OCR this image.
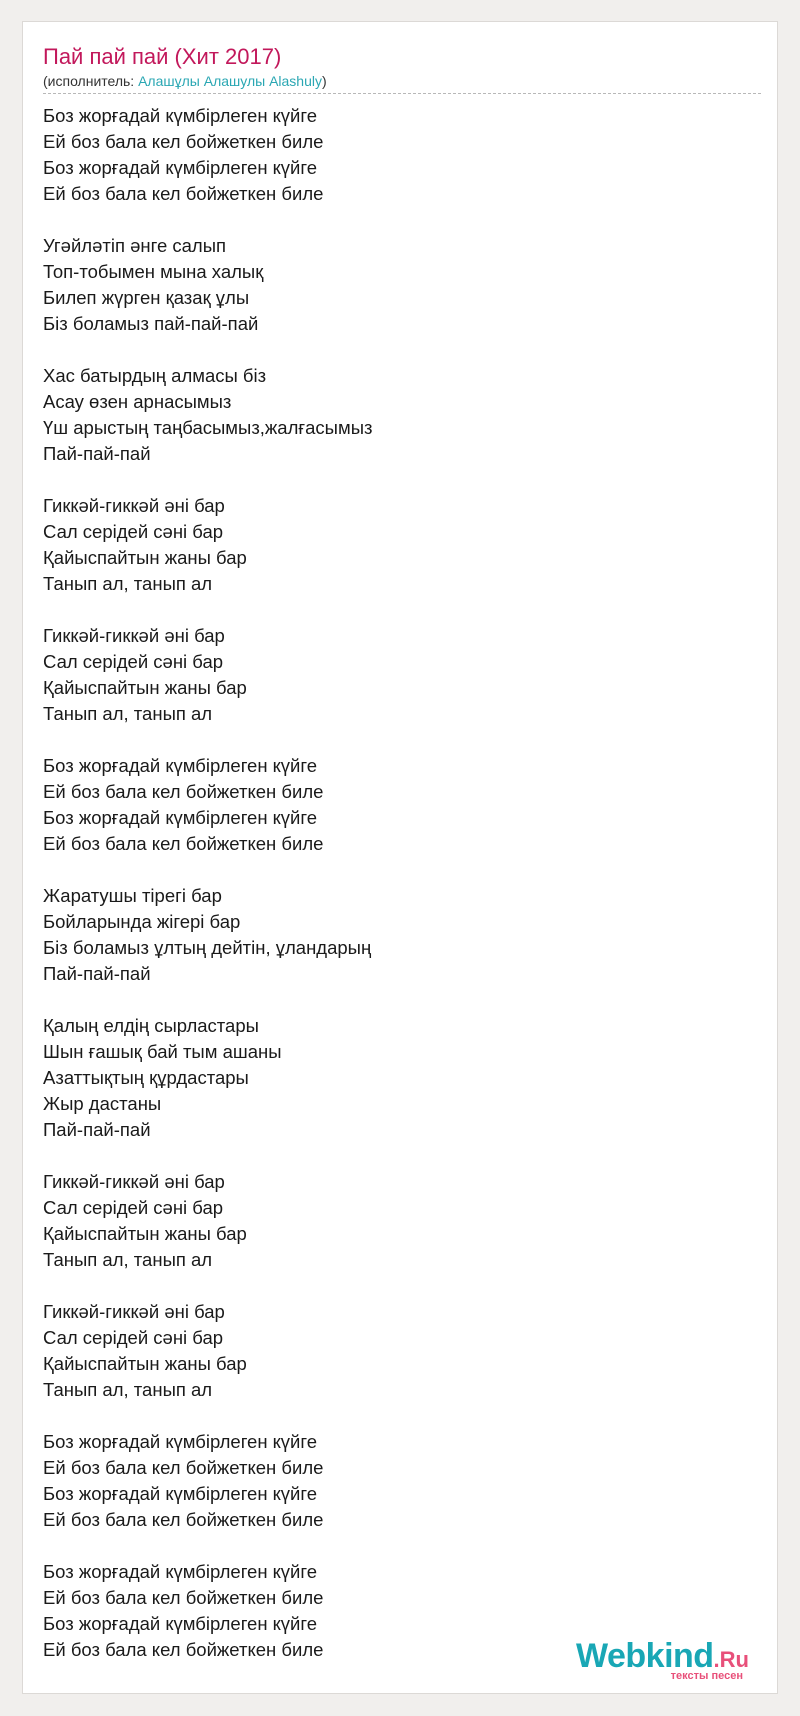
Пай пай пай (Хит 2017)
(исполнитель: Алашұлы Алашулы Alashuly)
Боз жорғадай күмбірлеген күйге
Ей боз бала кел бойжеткен биле
Боз жорғадай күмбірлеген күйге
Ей боз бала кел бойжеткен биле
Угәйләтіп әнге салып
Топ-тобымен мына халық
Билеп жүрген қазақ ұлы
Біз боламыз пай-пай-пай
Хас батырдың алмасы біз
Асау өзен арнасымыз
Үш арыстың таңбасымыз,жалғасымыз
Пай-пай-пай
Гиккәй-гиккәй әні бар
Сал серідей сәні бар
Қайыспайтын жаны бар
Танып ал, танып ал
Гиккәй-гиккәй әні бар
Сал серідей сәні бар
Қайыспайтын жаны бар
Танып ал, танып ал
Боз жорғадай күмбірлеген күйге
Ей боз бала кел бойжеткен биле
Боз жорғадай күмбірлеген күйге
Ей боз бала кел бойжеткен биле
Жаратушы тірегі бар
Бойларында жігері бар
Біз боламыз ұлтың дейтін, ұландарың
Пай-пай-пай
Қалың елдің сырластары
Шын ғашық бай тым ашаны
Азаттықтың құрдастары
Жыр дастаны
Пай-пай-пай
Гиккәй-гиккәй әні бар
Сал серідей сәні бар
Қайыспайтын жаны бар
Танып ал, танып ал
Гиккәй-гиккәй әні бар
Сал серідей сәні бар
Қайыспайтын жаны бар
Танып ал, танып ал
Боз жорғадай күмбірлеген күйге
Ей боз бала кел бойжеткен биле
Боз жорғадай күмбірлеген күйге
Ей боз бала кел бойжеткен биле
Боз жорғадай күмбірлеген күйге
Ей боз бала кел бойжеткен биле
Боз жорғадай күмбірлеген күйге
Ей боз бала кел бойжеткен биле	Webkind.Ru
тексты песен
